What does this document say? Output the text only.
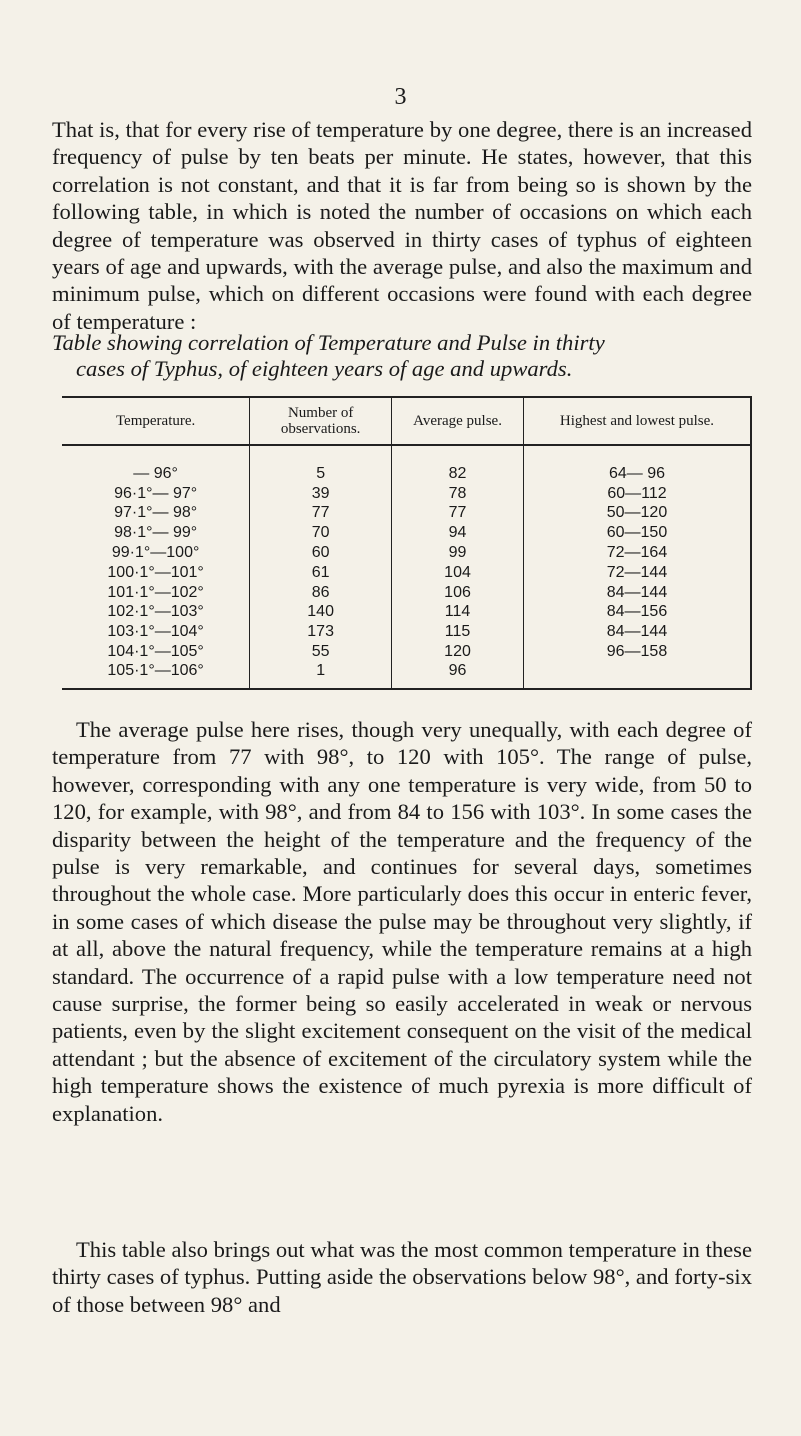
3

That is, that for every rise of temperature by one degree, there is an increased frequency of pulse by ten beats per minute. He states, however, that this correlation is not constant, and that it is far from being so is shown by the following table, in which is noted the number of occasions on which each degree of temperature was observed in thirty cases of typhus of eighteen years of age and upwards, with the average pulse, and also the maximum and minimum pulse, which on different occasions were found with each degree of temperature :

Table showing correlation of Temperature and Pulse in thirty
cases of Typhus, of eighteen years of age and upwards.
Temperature.	Number of observations.	Average pulse.	Highest and lowest pulse.

— 96°	5	82	64— 96
96·1°— 97°	39	78	60—112
97·1°— 98°	77	77	50—120
98·1°— 99°	70	94	60—150
99·1°—100°	60	99	72—164
100·1°—101°	61	104	72—144
101·1°—102°	86	106	84—144
102·1°—103°	140	114	84—156
103·1°—104°	173	115	84—144
104·1°—105°	55	120	96—158
105·1°—106°	1	96	

The average pulse here rises, though very unequally, with each degree of temperature from 77 with 98°, to 120 with 105°. The range of pulse, however, corresponding with any one temperature is very wide, from 50 to 120, for example, with 98°, and from 84 to 156 with 103°. In some cases the disparity between the height of the temperature and the frequency of the pulse is very remarkable, and continues for several days, sometimes throughout the whole case. More particularly does this occur in enteric fever, in some cases of which disease the pulse may be throughout very slightly, if at all, above the natural frequency, while the temperature remains at a high standard. The occurrence of a rapid pulse with a low temperature need not cause surprise, the former being so easily accelerated in weak or nervous patients, even by the slight excitement consequent on the visit of the medical attendant ; but the absence of excitement of the circulatory system while the high temperature shows the existence of much pyrexia is more difficult of explanation.

This table also brings out what was the most common temperature in these thirty cases of typhus. Putting aside the observations below 98°, and forty-six of those between 98° and
